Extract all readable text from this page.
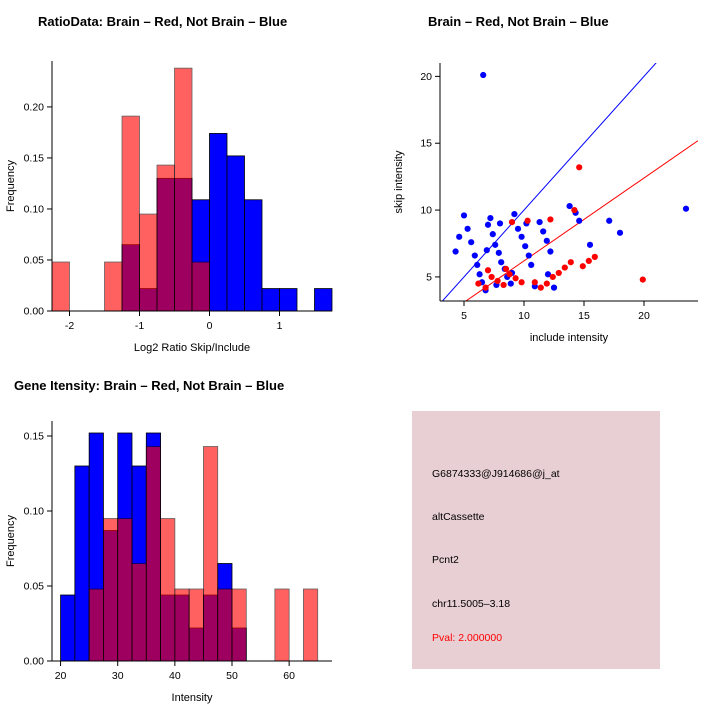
RatioData: Brain – Red, Not Brain – Blue
-2	-1	0	1
0.00
0.05
0.10
0.15
0.20
Log2 Ratio Skip/Include
Frequency
Brain – Red, Not Brain – Blue
5	10	15	20
5
10
15
20
include intensity
skip intensity
Gene Itensity: Brain – Red, Not Brain – Blue
20	30	40	50	60
0.00
0.05
0.10
0.15
Intensity
Frequency
G6874333@J914686@j_at
altCassette
Pcnt2
chr11.5005–3.18
Pval: 2.000000
